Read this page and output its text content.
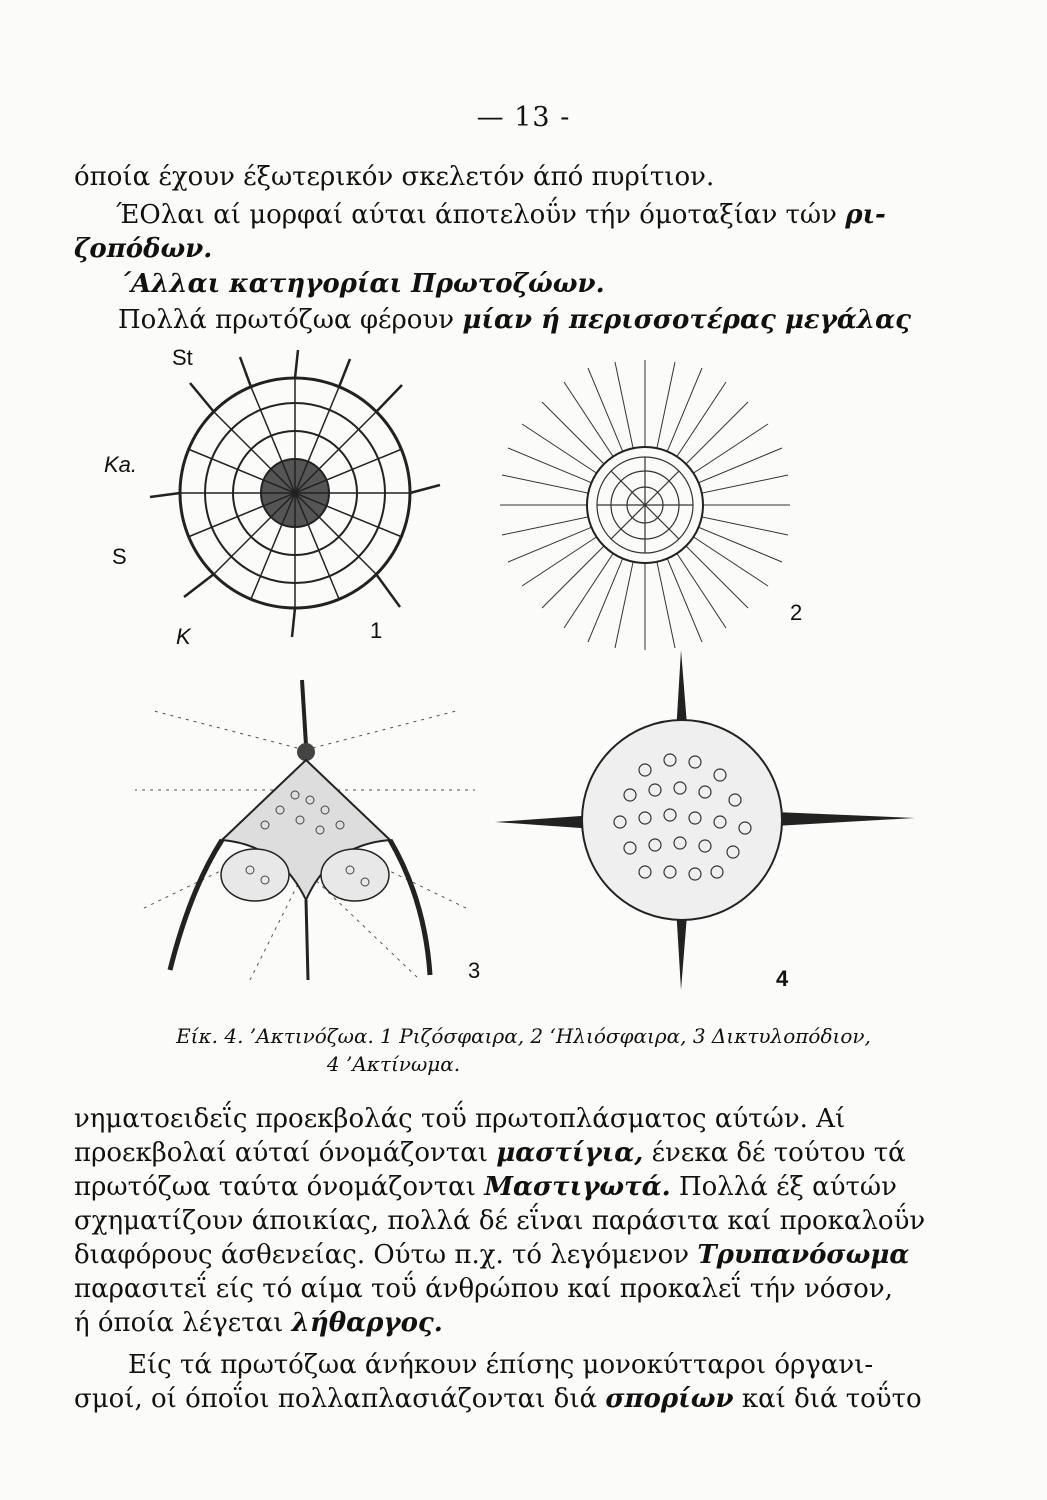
— 13 -
όποία έχουν έξωτερικόν σκελετόν άπό πυρίτιον.
ΈΟλαι αί μορφαί αύται άποτελοΰν τήν όμοταξίαν τών ρι-
ζοπόδων.
΄Αλλαι κατηγορίαι Πρωτοζώων.
Πολλά πρωτόζωα φέρουν μίαν ή περισσοτέρας μεγάλας
St
Ka.
S
K	1
2
3	4
Είκ. 4. ’Ακτινόζωα. 1 Ριζόσφαιρα, 2 ‘Ηλιόσφαιρα, 3 Δικτυλοπόδιον,
4 ’Ακτίνωμα.
νηματοειδεΐς προεκβολάς τοΰ πρωτοπλάσματος αύτών. Αί
προεκβολαί αύταί όνομάζονται μαστίγια, ένεκα δέ τούτου τά
πρωτόζωα ταύτα όνομάζονται Μαστιγωτά. Πολλά έξ αύτών
σχηματίζουν άποικίας, πολλά δέ εΐναι παράσιτα καί προκαλοΰν
διαφόρους άσθενείας. Ούτω π.χ. τό λεγόμενον Τρυπανόσωμα
παρασιτεΐ είς τό αίμα τοΰ άνθρώπου καί προκαλεΐ τήν νόσον,
ή όποία λέγεται λήθαργος.
Είς τά πρωτόζωα άνήκουν έπίσης μονοκύτταροι όργανι-
σμοί, οί όποΐοι πολλαπλασιάζονται διά σπορίων καί διά τοΰτο
